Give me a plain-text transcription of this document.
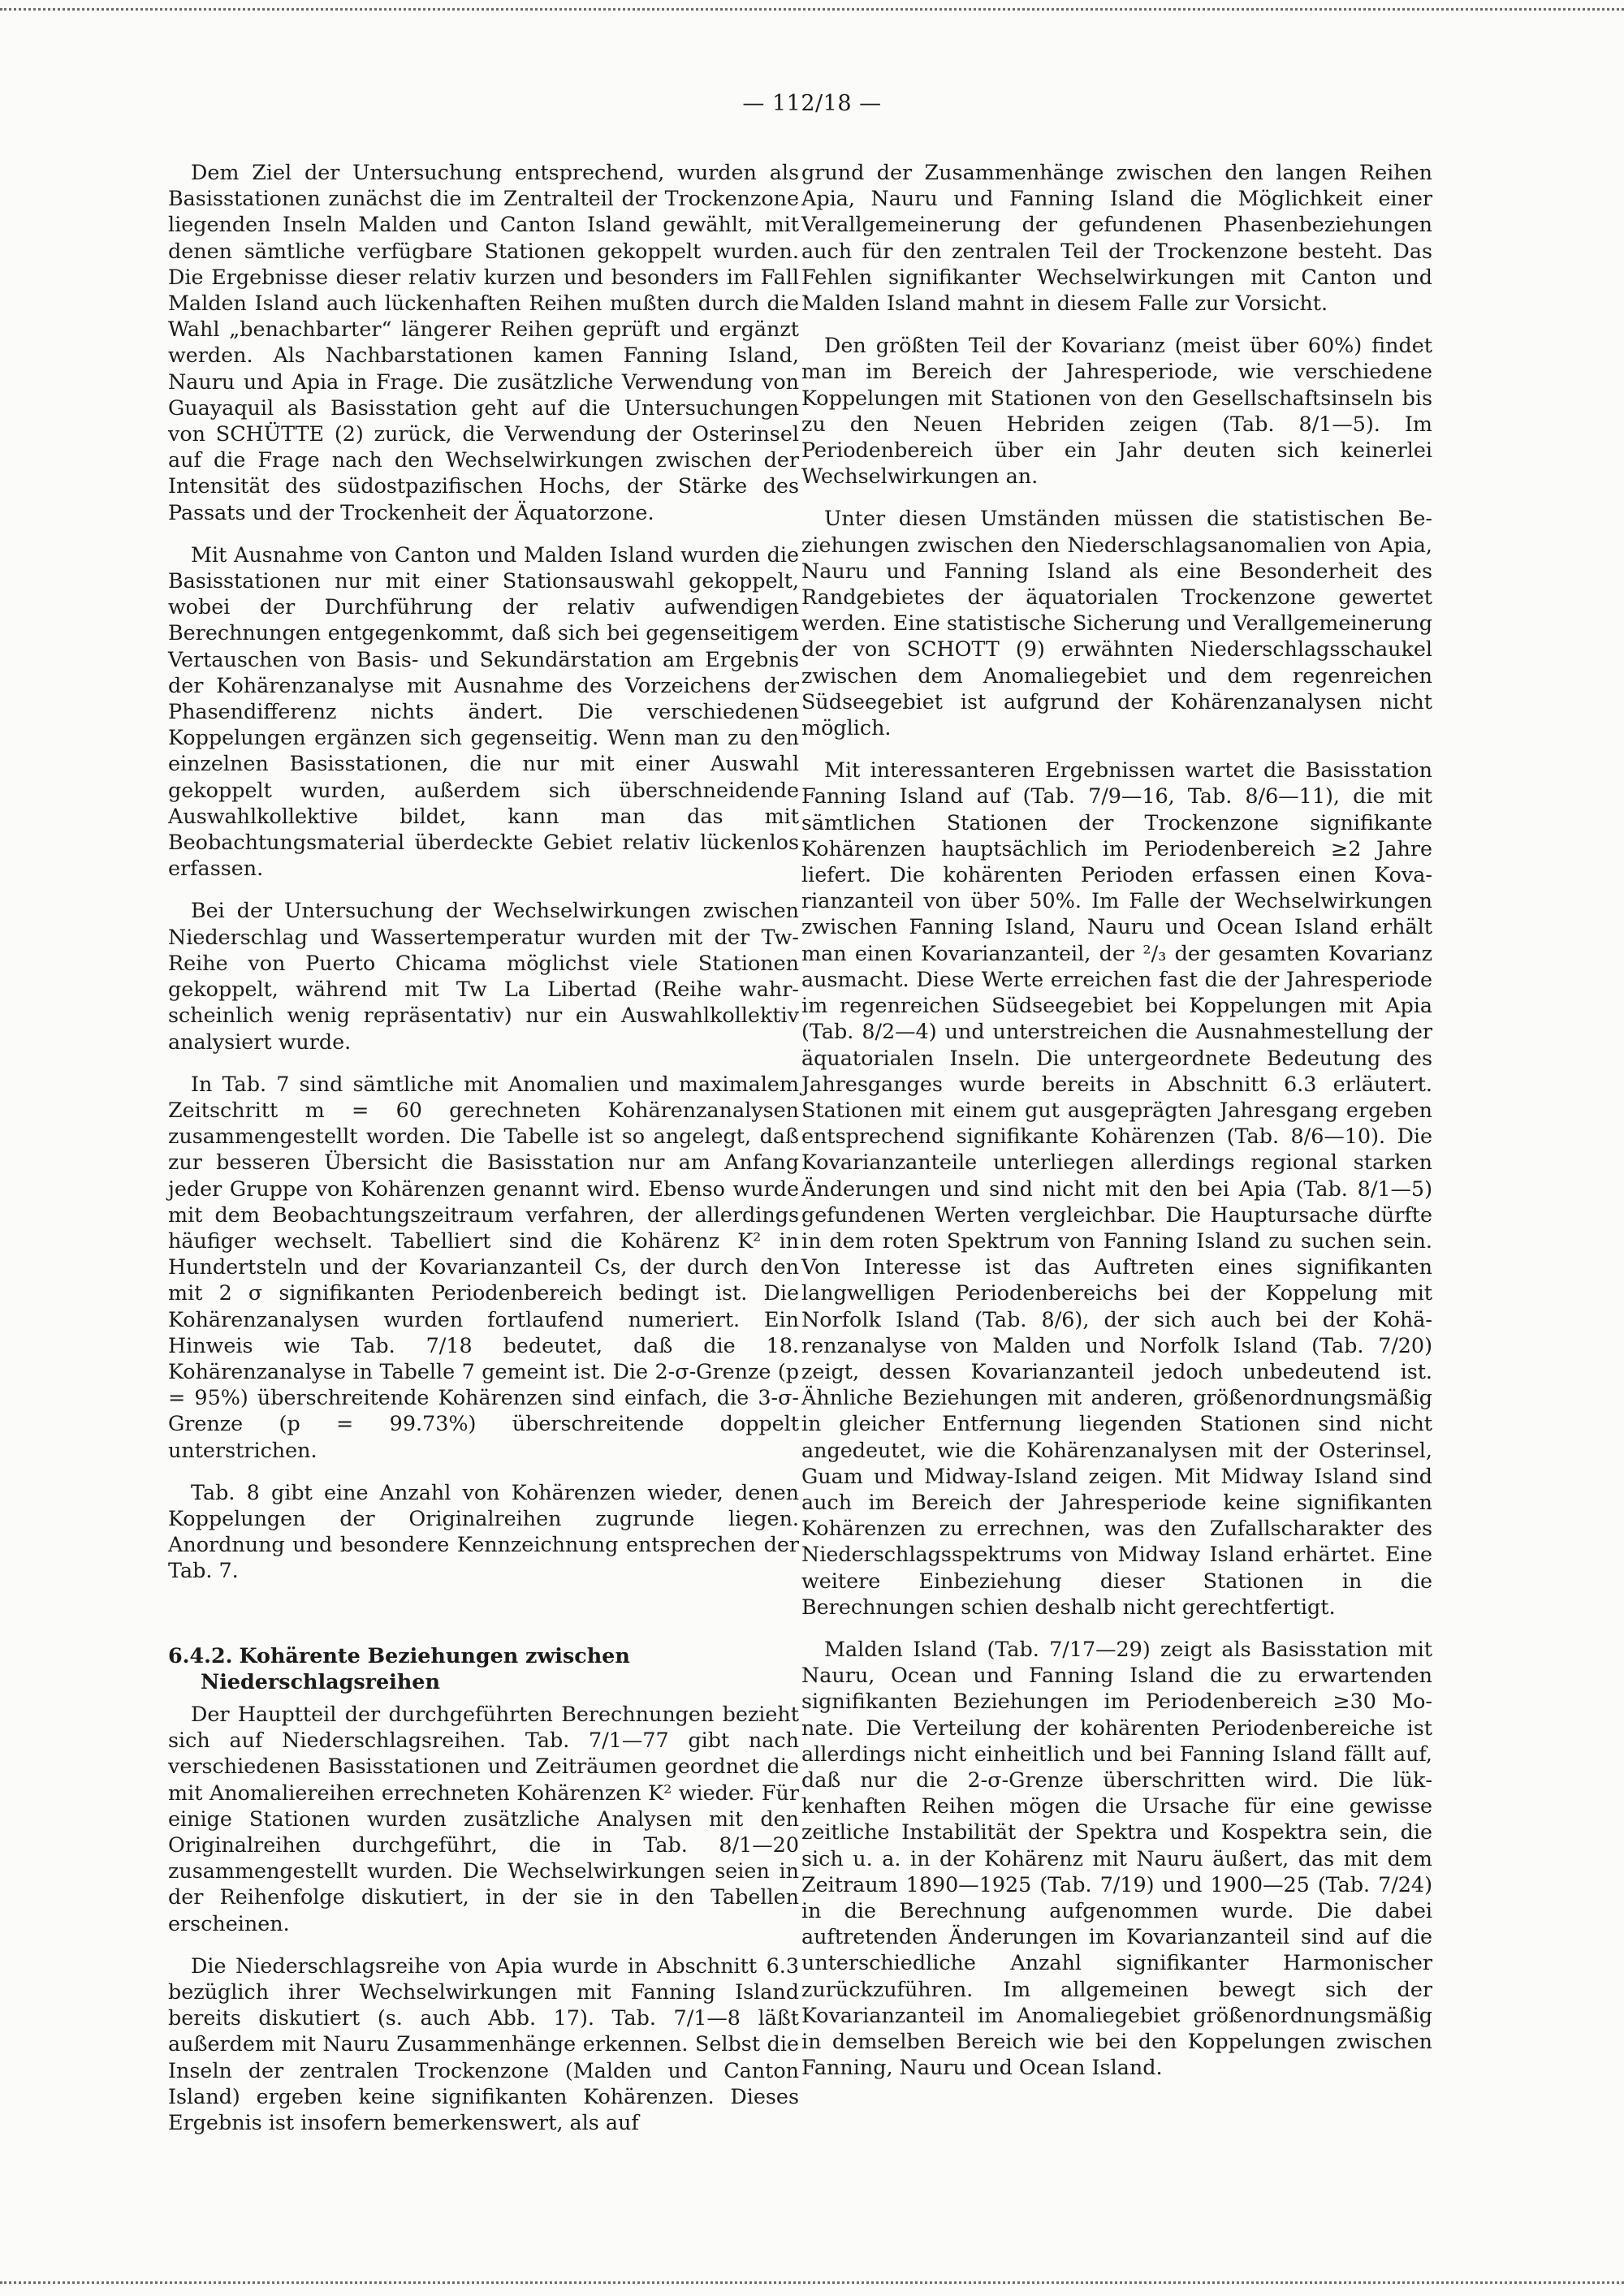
— 112/18 —

Dem Ziel der Untersuchung entsprechend, wurden als Basisstationen zunächst die im Zentralteil der Trockenzone liegenden Inseln Malden und Canton Island gewählt, mit denen sämtliche verfügbare Stationen gekoppelt wurden. Die Ergebnisse dieser relativ kurzen und besonders im Fall Malden Island auch lückenhaften Reihen mußten durch die Wahl „benachbarter“ längerer Reihen geprüft und ergänzt werden. Als Nachbarstationen kamen Fanning Island, Nauru und Apia in Frage. Die zusätzliche Verwendung von Guayaquil als Basisstation geht auf die Untersuchungen von SCHÜTTE (2) zurück, die Verwendung der Osterinsel auf die Frage nach den Wechselwirkungen zwischen der Intensität des südostpazifischen Hochs, der Stärke des Passats und der Trockenheit der Äquatorzone.

Mit Ausnahme von Canton und Malden Island wurden die Basisstationen nur mit einer Stationsauswahl gekoppelt, wobei der Durchführung der relativ aufwendigen Berechnungen entgegenkommt, daß sich bei gegenseitigem Vertauschen von Basis- und Sekundärstation am Ergebnis der Kohärenzanalyse mit Ausnahme des Vorzeichens der Phasendifferenz nichts ändert. Die verschiedenen Koppelungen ergänzen sich gegenseitig. Wenn man zu den einzelnen Basisstationen, die nur mit einer Auswahl gekoppelt wurden, außerdem sich überschneidende Auswahlkollektive bildet, kann man das mit Beobachtungsmaterial überdeckte Gebiet relativ lückenlos erfassen.

Bei der Untersuchung der Wechselwirkungen zwischen Niederschlag und Wassertemperatur wurden mit der Tw-Reihe von Puerto Chicama möglichst viele Stationen gekoppelt, während mit Tw La Libertad (Reihe wahrscheinlich wenig repräsentativ) nur ein Auswahlkollektiv analysiert wurde.

In Tab. 7 sind sämtliche mit Anomalien und maximalem Zeitschritt m = 60 gerechneten Kohärenzanalysen zusammengestellt worden. Die Tabelle ist so angelegt, daß zur besseren Übersicht die Basisstation nur am Anfang jeder Gruppe von Kohärenzen genannt wird. Ebenso wurde mit dem Beobachtungszeitraum verfahren, der allerdings häufiger wechselt. Tabelliert sind die Kohärenz K² in Hundertsteln und der Kovarianzanteil Cs, der durch den mit 2 σ signifikanten Periodenbereich bedingt ist. Die Kohärenzanalysen wurden fortlaufend numeriert. Ein Hinweis wie Tab. 7/18 bedeutet, daß die 18. Kohärenzanalyse in Tabelle 7 gemeint ist. Die 2-σ-Grenze (p = 95%) überschreitende Kohärenzen sind einfach, die 3-σ-Grenze (p = 99.73%) überschreitende doppelt unterstrichen.

Tab. 8 gibt eine Anzahl von Kohärenzen wieder, denen Koppelungen der Originalreihen zugrunde liegen. Anordnung und besondere Kennzeichnung entsprechen der Tab. 7.

6.4.2. Kohärente Beziehungen zwischen Niederschlagsreihen

Der Hauptteil der durchgeführten Berechnungen bezieht sich auf Niederschlagsreihen. Tab. 7/1—77 gibt nach verschiedenen Basisstationen und Zeiträumen geordnet die mit Anomaliereihen errechneten Kohärenzen K² wieder. Für einige Stationen wurden zusätzliche Analysen mit den Originalreihen durchgeführt, die in Tab. 8/1—20 zusammengestellt wurden. Die Wechselwirkungen seien in der Reihenfolge diskutiert, in der sie in den Tabellen erscheinen.

Die Niederschlagsreihe von Apia wurde in Abschnitt 6.3 bezüglich ihrer Wechselwirkungen mit Fanning Island bereits diskutiert (s. auch Abb. 17). Tab. 7/1—8 läßt außerdem mit Nauru Zusammenhänge erkennen. Selbst die Inseln der zentralen Trockenzone (Malden und Canton Island) ergeben keine signifikanten Kohärenzen. Dieses Ergebnis ist insofern bemerkenswert, als auf

grund der Zusammenhänge zwischen den langen Reihen Apia, Nauru und Fanning Island die Möglichkeit einer Verallgemeinerung der gefundenen Phasenbeziehungen auch für den zentralen Teil der Trockenzone besteht. Das Fehlen signifikanter Wechselwirkungen mit Canton und Malden Island mahnt in diesem Falle zur Vorsicht.

Den größten Teil der Kovarianz (meist über 60%) findet man im Bereich der Jahresperiode, wie verschiedene Koppelungen mit Stationen von den Gesellschaftsinseln bis zu den Neuen Hebriden zeigen (Tab. 8/1—5). Im Periodenbereich über ein Jahr deuten sich keinerlei Wechselwirkungen an.

Unter diesen Umständen müssen die statistischen Beziehungen zwischen den Niederschlagsanomalien von Apia, Nauru und Fanning Island als eine Besonderheit des Randgebietes der äquatorialen Trockenzone gewertet werden. Eine statistische Sicherung und Verallgemeinerung der von SCHOTT (9) erwähnten Niederschlagsschaukel zwischen dem Anomaliegebiet und dem regenreichen Südseegebiet ist aufgrund der Kohärenzanalysen nicht möglich.

Mit interessanteren Ergebnissen wartet die Basisstation Fanning Island auf (Tab. 7/9—16, Tab. 8/6—11), die mit sämtlichen Stationen der Trockenzone signifikante Kohärenzen hauptsächlich im Periodenbereich ≥2 Jahre liefert. Die kohärenten Perioden erfassen einen Kovarianzanteil von über 50%. Im Falle der Wechselwirkungen zwischen Fanning Island, Nauru und Ocean Island erhält man einen Kovarianzanteil, der ²/₃ der gesamten Kovarianz ausmacht. Diese Werte erreichen fast die der Jahresperiode im regenreichen Südseegebiet bei Koppelungen mit Apia (Tab. 8/2—4) und unterstreichen die Ausnahmestellung der äquatorialen Inseln. Die untergeordnete Bedeutung des Jahresganges wurde bereits in Abschnitt 6.3 erläutert. Stationen mit einem gut ausgeprägten Jahresgang ergeben entsprechend signifikante Kohärenzen (Tab. 8/6—10). Die Kovarianzanteile unterliegen allerdings regional starken Änderungen und sind nicht mit den bei Apia (Tab. 8/1—5) gefundenen Werten vergleichbar. Die Hauptursache dürfte in dem roten Spektrum von Fanning Island zu suchen sein. Von Interesse ist das Auftreten eines signifikanten langwelligen Periodenbereichs bei der Koppelung mit Norfolk Island (Tab. 8/6), der sich auch bei der Kohärenzanalyse von Malden und Norfolk Island (Tab. 7/20) zeigt, dessen Kovarianzanteil jedoch unbedeutend ist. Ähnliche Beziehungen mit anderen, größenordnungsmäßig in gleicher Entfernung liegenden Stationen sind nicht angedeutet, wie die Kohärenzanalysen mit der Osterinsel, Guam und Midway-Island zeigen. Mit Midway Island sind auch im Bereich der Jahresperiode keine signifikanten Kohärenzen zu errechnen, was den Zufallscharakter des Niederschlagsspektrums von Midway Island erhärtet. Eine weitere Einbeziehung dieser Stationen in die Berechnungen schien deshalb nicht gerechtfertigt.

Malden Island (Tab. 7/17—29) zeigt als Basisstation mit Nauru, Ocean und Fanning Island die zu erwartenden signifikanten Beziehungen im Periodenbereich ≥30 Monate. Die Verteilung der kohärenten Periodenbereiche ist allerdings nicht einheitlich und bei Fanning Island fällt auf, daß nur die 2-σ-Grenze überschritten wird. Die lükkenhaften Reihen mögen die Ursache für eine gewisse zeitliche Instabilität der Spektra und Kospektra sein, die sich u. a. in der Kohärenz mit Nauru äußert, das mit dem Zeitraum 1890—1925 (Tab. 7/19) und 1900—25 (Tab. 7/24) in die Berechnung aufgenommen wurde. Die dabei auftretenden Änderungen im Kovarianzanteil sind auf die unterschiedliche Anzahl signifikanter Harmonischer zurückzuführen. Im allgemeinen bewegt sich der Kovarianzanteil im Anomaliegebiet größenordnungsmäßig in demselben Bereich wie bei den Koppelungen zwischen Fanning, Nauru und Ocean Island.
